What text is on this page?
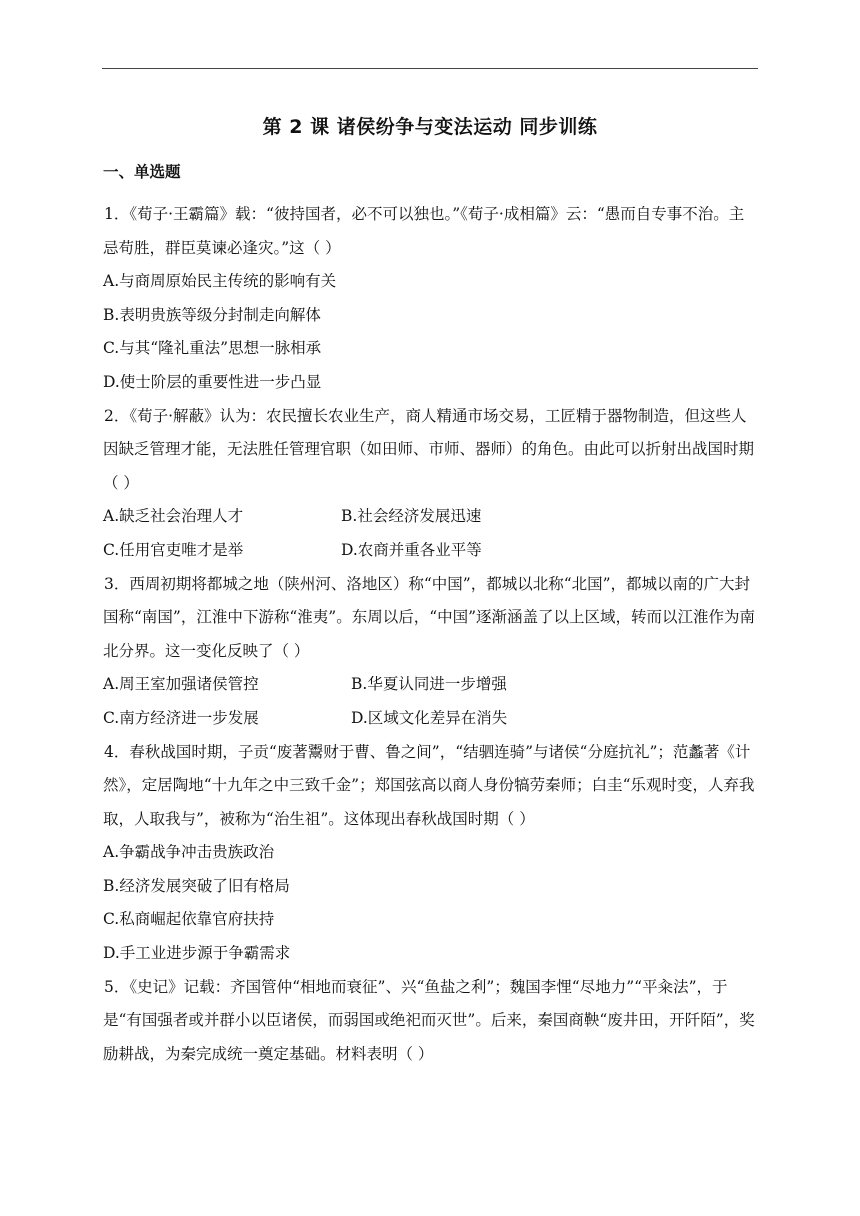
第 2 课 诸侯纷争与变法运动 同步训练
一、单选题

1．《荀子·王霸篇》载：“彼持国者，必不可以独也。”《荀子·成相篇》云：“愚而自专事不治。主忌苟胜，群臣莫谏必逢灾。”这（ ）

A.与商周原始民主传统的影响有关

B.表明贵族等级分封制走向解体

C.与其“隆礼重法”思想一脉相承

D.使士阶层的重要性进一步凸显

2．《荀子·解蔽》认为：农民擅长农业生产，商人精通市场交易，工匠精于器物制造，但这些人因缺乏管理才能，无法胜任管理官职（如田师、市师、器师）的角色。由此可以折射出战国时期（ ）

A.缺乏社会治理人才	B.社会经济发展迅速
C.任用官吏唯才是举	D.农商并重各业平等

3．西周初期将都城之地（陕州河、洛地区）称“中国”，都城以北称“北国”，都城以南的广大封国称“南国”，江淮中下游称“淮夷”。东周以后，“中国”逐渐涵盖了以上区域，转而以江淮作为南北分界。这一变化反映了（ ）

A.周王室加强诸侯管控	B.华夏认同进一步增强
C.南方经济进一步发展	D.区域文化差异在消失

4．春秋战国时期，子贡“废著鬻财于曹、鲁之间”，“结驷连骑”与诸侯“分庭抗礼”；范蠡著《计然》，定居陶地“十九年之中三致千金”；郑国弦高以商人身份犒劳秦师；白圭“乐观时变，人弃我取，人取我与”，被称为“治生祖”。这体现出春秋战国时期（ ）

A.争霸战争冲击贵族政治

B.经济发展突破了旧有格局

C.私商崛起依靠官府扶持

D.手工业进步源于争霸需求

5．《史记》记载：齐国管仲“相地而衰征”、兴“鱼盐之利”；魏国李悝“尽地力”“平籴法”，于是“有国强者或并群小以臣诸侯，而弱国或绝祀而灭世”。后来，秦国商鞅“废井田，开阡陌”，奖励耕战，为秦完成统一奠定基础。材料表明（ ）
